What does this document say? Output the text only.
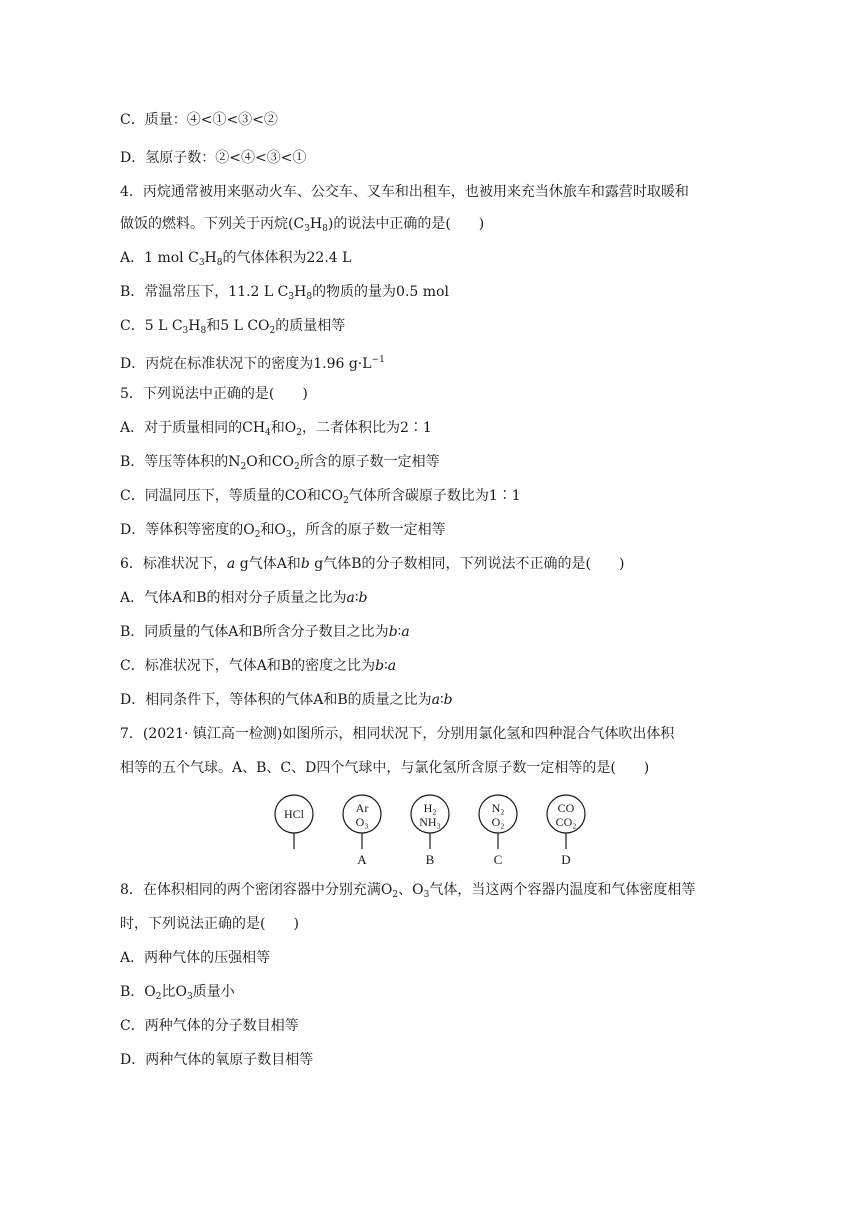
C．质量：④<①<③<②
D．氢原子数：②<④<③<①
4．丙烷通常被用来驱动火车、公交车、叉车和出租车，也被用来充当休旅车和露营时取暖和
做饭的燃料。下列关于丙烷$(C_3H_8)$的说法中正确的是(　　)
A．1 mol $C_3H_8$的气体体积为22.4 L
B．常温常压下，11.2 L $C_3H_8$的物质的量为0.5 mol
C．5 L $C_3H_8$和5 L $CO_2$的质量相等
D．丙烷在标准状况下的密度为1.96 $g\cdot L^{-1}$
5．下列说法中正确的是(　　)
A．对于质量相同的$CH_4$和$O_2$，二者体积比为2∶1
B．等压等体积的$N_2O$和$CO_2$所含的原子数一定相等
C．同温同压下，等质量的CO和$CO_2$气体所含碳原子数比为1∶1
D．等体积等密度的$O_2$和$O_3$，所含的原子数一定相等
6．标准状况下，a g气体A和b g气体B的分子数相同，下列说法不正确的是(　　)
A．气体A和B的相对分子质量之比为a∶b
B．同质量的气体A和B所含分子数目之比为b∶a
C．标准状况下，气体A和B的密度之比为b∶a
D．相同条件下，等体积的气体A和B的质量之比为a∶b
7．(2021· 镇江高一检测)如图所示，相同状况下，分别用氯化氢和四种混合气体吹出体积
相等的五个气球。A、B、C、D四个气球中，与氯化氢所含原子数一定相等的是(　　)
HCl	Ar
O₃
A
H₂
NH₃
B
N₂
O₂
C
CO
CO₂
D
8．在体积相同的两个密闭容器中分别充满$O_2$、$O_3$气体，当这两个容器内温度和气体密度相等
时，下列说法正确的是(　　)
A．两种气体的压强相等
B．$O_2$比$O_3$质量小
C．两种气体的分子数目相等
D．两种气体的氧原子数目相等
